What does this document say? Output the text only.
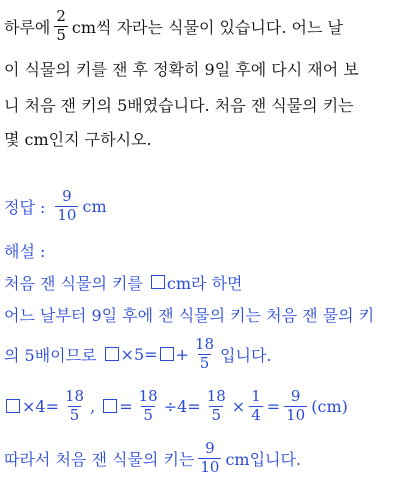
하루에 $\frac{2}{5}$ cm씩 자라는 식물이 있습니다. 어느 날
이 식물의 키를 잰 후 정확히 9일 후에 다시 재어 보
니 처음 잰 키의 5배였습니다. 처음 잰 식물의 키는
몇 cm인지 구하시오.
정답 : $\frac{9}{10}$ cm
해설 :
처음 잰 식물의 키를 cm라 하면
어느 날부터 9일 후에 잰 식물의 키는 처음 잰 물의 키
의 5배이므로 $\times 5= + \frac{18}{5}$ 입니다.
$\times 4= \frac{18}{5}$ , = $\frac{18}{5} \div 4= \frac{18}{5} \times \frac{1}{4} = \frac{9}{10} (cm)$
따라서 처음 잰 식물의 키는 $\frac{9}{10}$ cm입니다.
